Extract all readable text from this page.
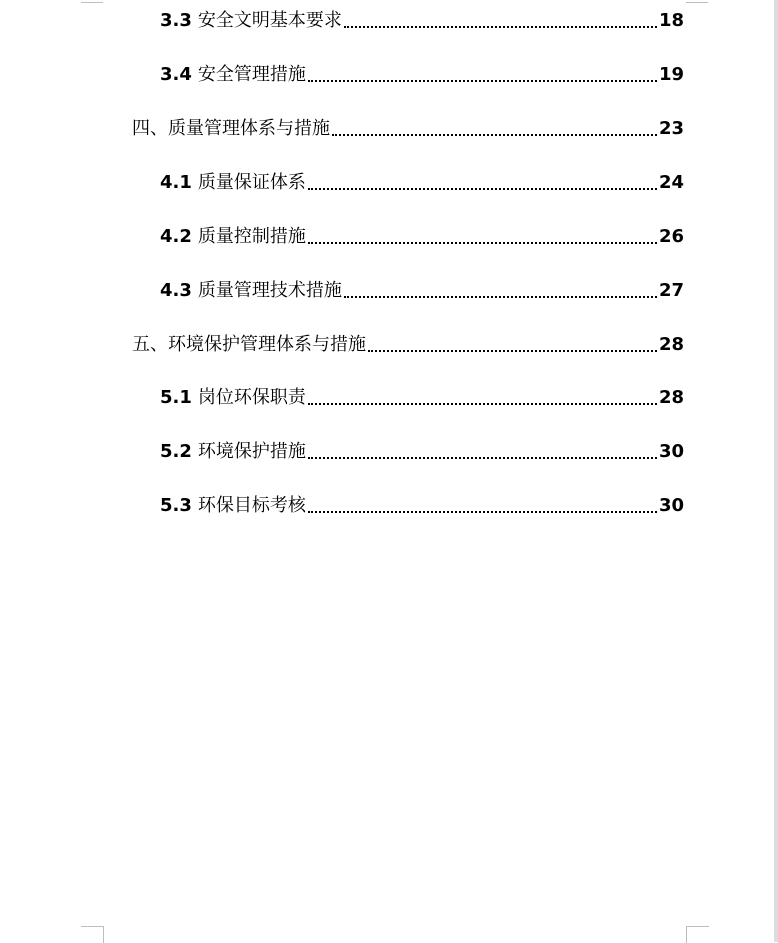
3.3 安全文明基本要求	18
3.4 安全管理措施	19
四、 质量管理体系与措施	23
4.1 质量保证体系	24
4.2 质量控制措施	26
4.3 质量管理技术措施	27
五、 环境保护管理体系与措施	28
5.1 岗位环保职责	28
5.2 环境保护措施	30
5.3 环保目标考核	30
